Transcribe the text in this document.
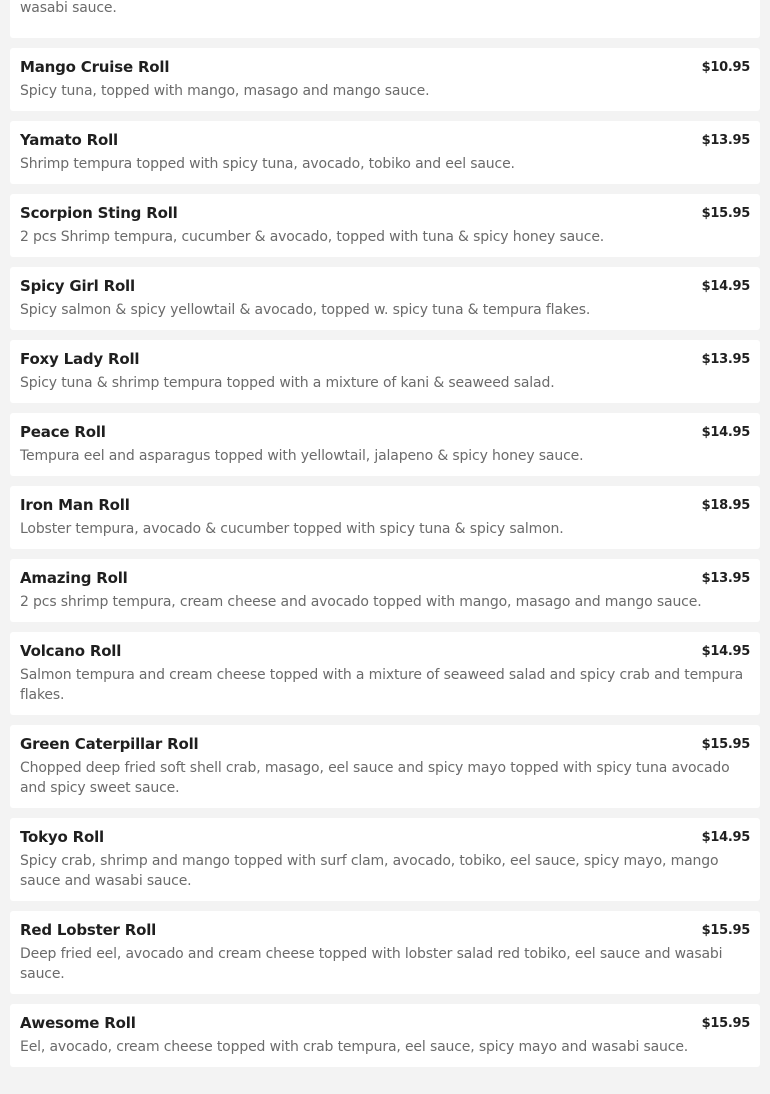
wasabi sauce.
Mango Cruise Roll	$10.95
Spicy tuna, topped with mango, masago and mango sauce.
Yamato Roll	$13.95
Shrimp tempura topped with spicy tuna, avocado, tobiko and eel sauce.
Scorpion Sting Roll	$15.95
2 pcs Shrimp tempura, cucumber & avocado, topped with tuna & spicy honey sauce.
Spicy Girl Roll	$14.95
Spicy salmon & spicy yellowtail & avocado, topped w. spicy tuna & tempura flakes.
Foxy Lady Roll	$13.95
Spicy tuna & shrimp tempura topped with a mixture of kani & seaweed salad.
Peace Roll	$14.95
Tempura eel and asparagus topped with yellowtail, jalapeno & spicy honey sauce.
Iron Man Roll	$18.95
Lobster tempura, avocado & cucumber topped with spicy tuna & spicy salmon.
Amazing Roll	$13.95
2 pcs shrimp tempura, cream cheese and avocado topped with mango, masago and mango sauce.
Volcano Roll	$14.95
Salmon tempura and cream cheese topped with a mixture of seaweed salad and spicy crab and tempura flakes.
Green Caterpillar Roll	$15.95
Chopped deep fried soft shell crab, masago, eel sauce and spicy mayo topped with spicy tuna avocado and spicy sweet sauce.
Tokyo Roll	$14.95
Spicy crab, shrimp and mango topped with surf clam, avocado, tobiko, eel sauce, spicy mayo, mango sauce and wasabi sauce.
Red Lobster Roll	$15.95
Deep fried eel, avocado and cream cheese topped with lobster salad red tobiko, eel sauce and wasabi sauce.
Awesome Roll	$15.95
Eel, avocado, cream cheese topped with crab tempura, eel sauce, spicy mayo and wasabi sauce.
